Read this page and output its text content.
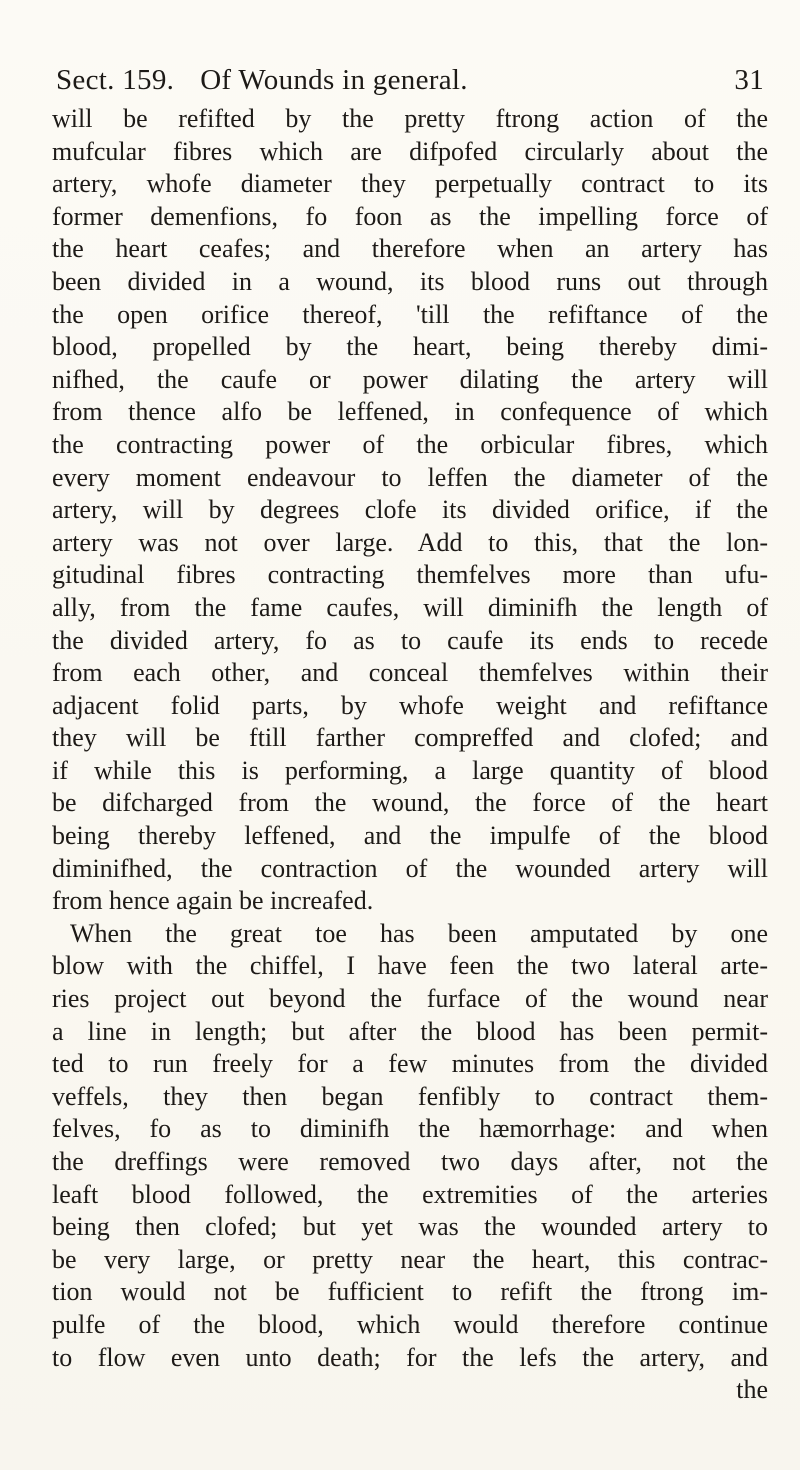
Sect. 159. Of Wounds in general.	31
will be refifted by the pretty ftrong action of the
mufcular fibres which are difpofed circularly about the
artery, whofe diameter they perpetually contract to its
former demenfions, fo foon as the impelling force of
the heart ceafes; and therefore when an artery has
been divided in a wound, its blood runs out through
the open orifice thereof, 'till the refiftance of the
blood, propelled by the heart, being thereby dimi-
nifhed, the caufe or power dilating the artery will
from thence alfo be leffened, in confequence of which
the contracting power of the orbicular fibres, which
every moment endeavour to leffen the diameter of the
artery, will by degrees clofe its divided orifice, if the
artery was not over large. Add to this, that the lon-
gitudinal fibres contracting themfelves more than ufu-
ally, from the fame caufes, will diminifh the length of
the divided artery, fo as to caufe its ends to recede
from each other, and conceal themfelves within their
adjacent folid parts, by whofe weight and refiftance
they will be ftill farther compreffed and clofed; and
if while this is performing, a large quantity of blood
be difcharged from the wound, the force of the heart
being thereby leffened, and the impulfe of the blood
diminifhed, the contraction of the wounded artery will
from hence again be increafed.
When the great toe has been amputated by one
blow with the chiffel, I have feen the two lateral arte-
ries project out beyond the furface of the wound near
a line in length; but after the blood has been permit-
ted to run freely for a few minutes from the divided
veffels, they then began fenfibly to contract them-
felves, fo as to diminifh the hæmorrhage: and when
the dreffings were removed two days after, not the
leaft blood followed, the extremities of the arteries
being then clofed; but yet was the wounded artery to
be very large, or pretty near the heart, this contrac-
tion would not be fufficient to refift the ftrong im-
pulfe of the blood, which would therefore continue
to flow even unto death; for the lefs the artery, and
the
